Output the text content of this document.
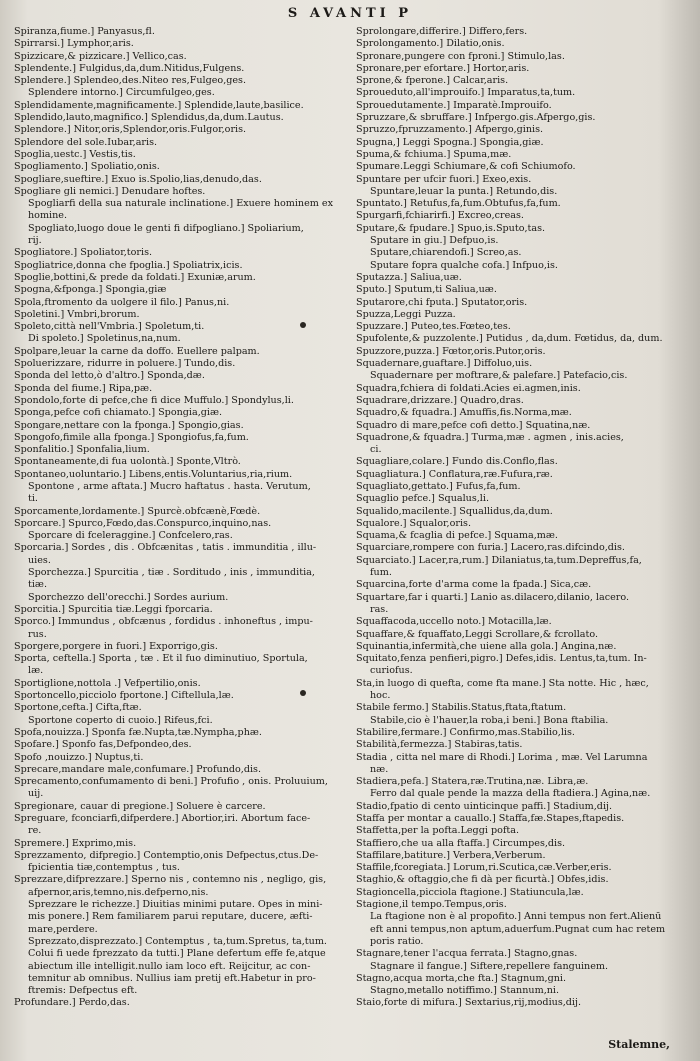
S AVANTI P
Spiranza,fiume.] Panyasus,fl.
Spirrarsi.] Lymphor,aris.
Spizzicare,& pizzicare.] Vellico,cas.
Splendente.] Fulgidus,da,dum.Nitidus,Fulgens.
Splendere.] Splendeo,des.Niteo res,Fulgeo,ges.
Splendere intorno.] Circumfulgeo,ges.
Splendidamente,magnificamente.] Splendide,laute,basilice.
Splendido,lauto,magnifico.] Splendidus,da,dum.Lautus.
Splendore.] Nitor,oris,Splendor,oris.Fulgor,oris.
Splendore del sole.Iubar,aris.
Spoglia,uestc.] Vestis,tis.
Spogliamento.] Spoliatio,onis.
Spogliare,sueftire.] Exuo is.Spolio,lias,denudo,das.
Spogliare gli nemici.] Denudare hoftes.
Spogliarfi della sua naturale inclinatione.] Exuere hominem ex
homine.
Spogliato,luogo doue le genti fi difpogliano.] Spoliarium,
rij.
Spogliatore.] Spoliator,toris.
Spogliatrice,donna che fpoglia.] Spoliatrix,icis.
Spoglie,bottini,& prede da foldati.] Exuniæ,arum.
Spogna,&fponga.] Spongia,giæ
Spola,ftromento da uolgere il filo.] Panus,ni.
Spoletini.] Vmbri,brorum.
Spoleto,città nell'Vmbria.] Spoletum,ti.
Di spoleto.] Spoletinus,na,num.
Spolpare,leuar la carne da doffo. Euellere palpam.
Spoluerizzare, ridurre in poluere.] Tundo,dis.
Sponda del letto,ò d'altro.] Sponda,dæ.
Sponda del fiume.] Ripa,pæ.
Spondolo,forte di pefce,che fi dice Muffulo.] Spondylus,li.
Sponga,pefce cofi chiamato.] Spongia,giæ.
Spongare,nettare con la fponga.] Spongio,gias.
Spongofo,fimile alla fponga.] Spongiofus,fa,fum.
Sponfalitio.] Sponfalia,lium.
Spontaneamente,di fua uolontà.] Sponte,Vltrò.
Spontaneo,uoluntario.] Libens,entis.Voluntarius,ria,rium.
Spontone , arme aftata.] Mucro haftatus . hasta. Verutum,
ti.
Sporcamente,lordamente.] Spurcè.obfcænè,Fœdè.
Sporcare.] Spurco,Fœdo,das.Conspurco,inquino,nas.
Sporcare di fceleraggine.] Confcelero,ras.
Sporcaria.] Sordes , dis . Obfcænitas , tatis . immunditia , illu-
uies.
Sporchezza.] Spurcitia , tiæ . Sorditudo , inis , immunditia,
tiæ.
Sporchezzo dell'orecchi.] Sordes aurium.
Sporcitia.] Spurcitia tiæ.Leggi fporcaria.
Sporco.] Immundus , obfcænus , fordidus . inhoneftus , impu-
rus.
Sporgere,porgere in fuori.] Exporrigo,gis.
Sporta, ceftella.] Sporta , tæ . Et il fuo diminutiuo, Sportula,
læ.
Sportiglione,nottola .] Vefpertilio,onis.
Sportoncello,picciolo fportone.] Ciftellula,læ.
Sportone,cefta.] Cifta,ftæ.
Sportone coperto di cuoio.] Rifeus,fci.
Spofa,nouizza.] Sponfa fæ.Nupta,tæ.Nympha,phæ.
Spofare.] Sponfo fas,Defpondeo,des.
Spofo ,nouizzo.] Nuptus,ti.
Sprecare,mandare male,confumare.] Profundo,dis.
Sprecamento,confumamento di beni.] Profufio , onis. Proluuium,
uij.
Spregionare, cauar di pregione.] Soluere è carcere.
Spreguare, fconciarfi,difperdere.] Abortior,iri. Abortum face-
re.
Spremere.] Exprimo,mis.
Sprezzamento, difpregio.] Contemptio,onis Defpectus,ctus.De-
fpicientia tiæ,contemptus , tus.
Sprezzare,difprezzare.] Sperno nis , contemno nis , negligo, gis,
afpernor,aris,temno,nis.defperno,nis.
Sprezzare le richezze.] Diuitias minimi putare. Opes in mini-
mis ponere.] Rem familiarem parui reputare, ducere, æfti-
mare,perdere.
Sprezzato,disprezzato.] Contemptus , ta,tum.Spretus, ta,tum.
Colui fi uede fprezzato da tutti.] Plane defertum effe fe,atque
abiectum ille intelligit.nullo iam loco eft. Reijcitur, ac con-
temnitur ab omnibus. Nullius iam pretij eft.Habetur in pro-
ftremis: Defpectus eft.
Profundare.] Perdo,das.
Sprolongare,differire.] Differo,fers.
Sprolongamento.] Dilatio,onis.
Spronare,pungere con fproni.] Stimulo,las.
Spronare,per efortare.] Hortor,aris.
Sprone,& fperone.] Calcar,aris.
Sproueduto,all'improuifo.] Imparatus,ta,tum.
Sprouedutamente.] Imparatè.Improuifo.
Spruzzare,& sbruffare.] Infpergo.gis.Afpergo,gis.
Spruzzo,fpruzzamento.] Afpergo,ginis.
Spugna,] Leggi Spogna.] Spongia,giæ.
Spuma,& fchiuma.] Spuma,mæ.
Spumare.Leggi Schiumare,& cofi Schiumofo.
Spuntare per ufcir fuori.] Exeo,exis.
Spuntare,leuar la punta.] Retundo,dis.
Spuntato.] Retufus,fa,fum.Obtufus,fa,fum.
Spurgarfi,fchiarirfi.] Excreo,creas.
Sputare,& fpudare.] Spuo,is.Sputo,tas.
Sputare in giu.] Defpuo,is.
Sputare,chiarendofi.] Screo,as.
Sputare fopra qualche cofa.] Infpuo,is.
Sputazza.] Saliua,uæ.
Sputo.] Sputum,ti Saliua,uæ.
Sputarore,chi fputa.] Sputator,oris.
Spuzza,Leggi Puzza.
Spuzzare.] Puteo,tes.Fœteo,tes.
Spufolente,& puzzolente.] Putidus , da,dum. Fœtidus, da, dum.
Spuzzore,puzza.] Fœtor,oris.Putor,oris.
Squadernare,guaftare.] Diffoluo,uis.
Squadernare per moftrare,& palefare.] Patefacio,cis.
Squadra,fchiera di foldati.Acies ei.agmen,inis.
Squadrare,drizzare.] Quadro,dras.
Squadro,& fquadra.] Amuffis,fis.Norma,mæ.
Squadro di mare,pefce cofi detto.] Squatina,næ.
Squadrone,& fquadra.] Turma,mæ . agmen , inis.acies,
ci.
Squagliare,colare.] Fundo dis.Conflo,flas.
Squagliatura.] Conflatura,ræ.Fufura,ræ.
Squagliato,gettato.] Fufus,fa,fum.
Squaglio pefce.] Squalus,li.
Squalido,macilente.] Squallidus,da,dum.
Squalore.] Squalor,oris.
Squama,& fcaglia di pefce.] Squama,mæ.
Squarciare,rompere con furia.] Lacero,ras.difcindo,dis.
Squarciato.] Lacer,ra,rum.] Dilaniatus,ta,tum.Depreffus,fa,
fum.
Squarcina,forte d'arma come la fpada.] Sica,cæ.
Squartare,far i quarti.] Lanio as.dilacero,dilanio, lacero.
ras.
Squaffacoda,uccello noto.] Motacilla,læ.
Squaffare,& fquaffato,Leggi Scrollare,& fcrollato.
Squinantia,infermità,che uiene alla gola.] Angina,næ.
Squitato,fenza penfieri,pigro.] Defes,idis. Lentus,ta,tum. In-
curiofus.
Sta,in luogo di quefta, come fta mane.] Sta notte. Hic , hæc,
hoc.
Stabile fermo.] Stabilis.Status,ftata,ftatum.
Stabile,cio è l'hauer,la roba,i beni.] Bona ftabilia.
Stabilire,fermare.] Confirmo,mas.Stabilio,lis.
Stabilità,fermezza.] Stabiras,tatis.
Stadia , citta nel mare di Rhodi.] Lorima , mæ. Vel Larumna
næ.
Stadiera,pefa.] Statera,ræ.Trutina,næ. Libra,æ.
Ferro dal quale pende la mazza della ftadiera.] Agina,næ.
Stadio,fpatio di cento uinticinque paffi.] Stadium,dij.
Staffa per montar a cauallo.] Staffa,fæ.Stapes,ftapedis.
Staffetta,per la pofta.Leggi pofta.
Staffiero,che ua alla ftaffa.] Circumpes,dis.
Staffilare,batiture.] Verbera,Verberum.
Staffile,fcoregiata.] Lorum,ri.Scutica,cæ.Verber,eris.
Staghio,& oftaggio,che fi dà per ficurtà.] Obfes,idis.
Stagioncella,picciola ftagione.] Statiuncula,læ.
Stagione,il tempo.Tempus,oris.
La ftagione non è al propofito.] Anni tempus non fert.Alienū
eft anni tempus,non aptum,aduerfum.Pugnat cum hac retem
poris ratio.
Stagnare,tener l'acqua ferrata.] Stagno,gnas.
Stagnare il fangue.] Siftere,repellere fanguinem.
Stagno,acqua morta,che fta.] Stagnum,gni.
Stagno,metallo notiffimo.] Stannum,ni.
Staio,forte di mifura.] Sextarius,rij,modius,dij.
Stalemne,
